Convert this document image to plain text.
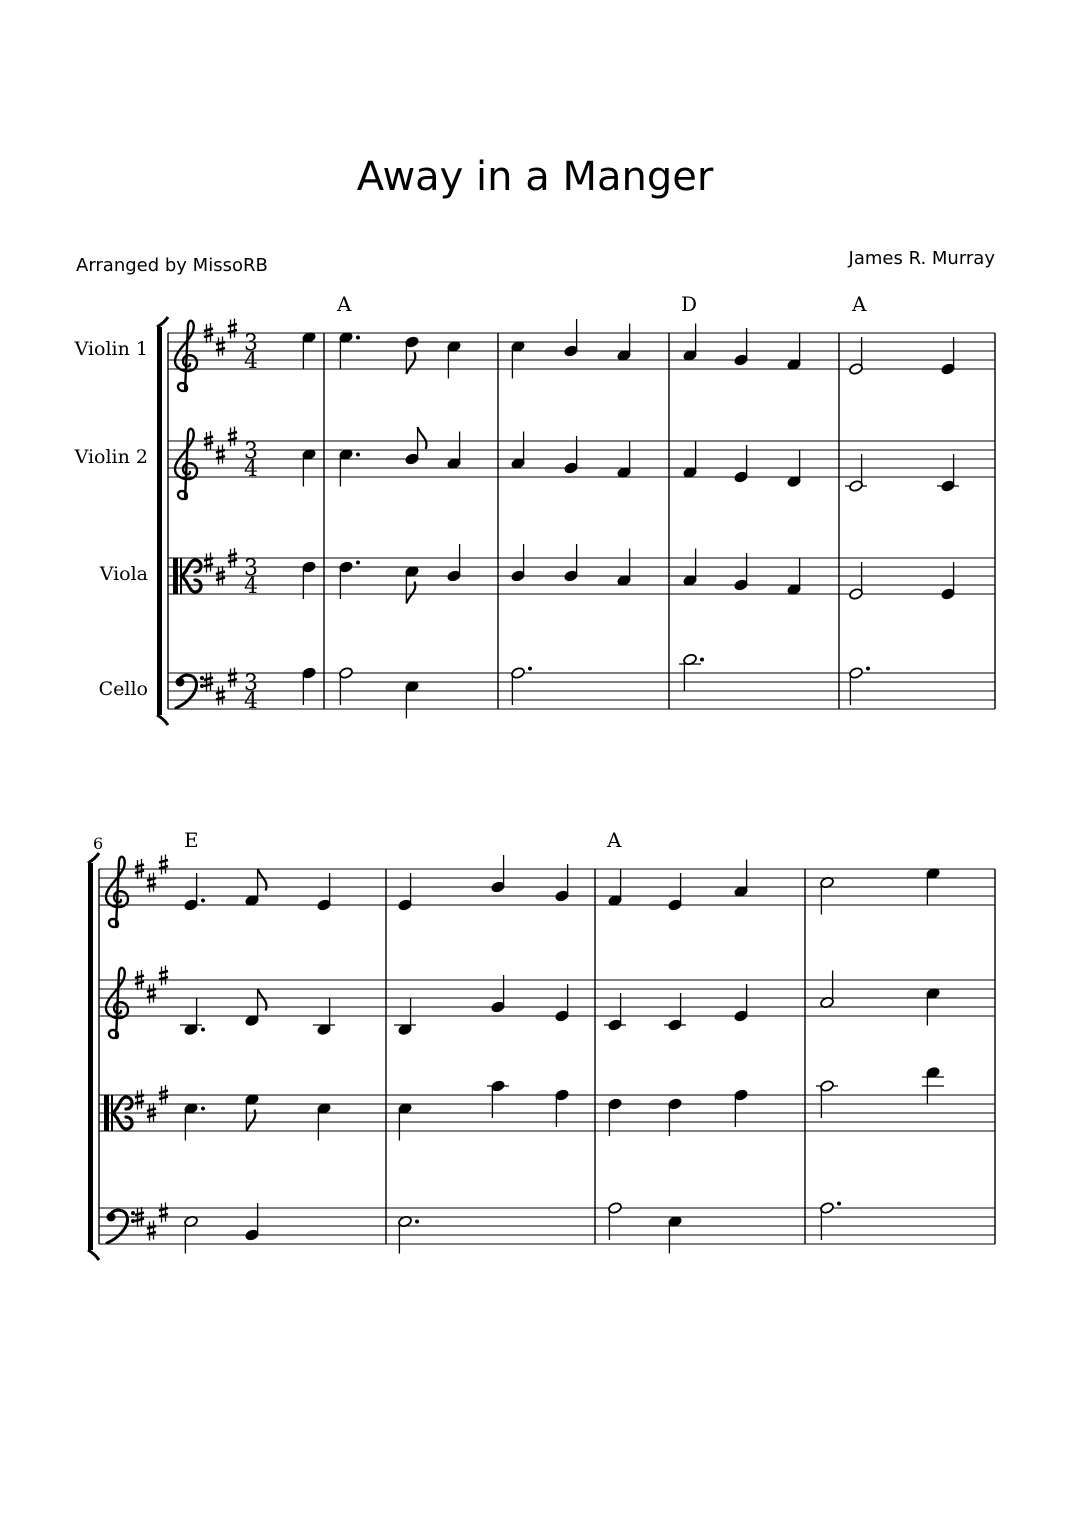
Away in a Manger
Arranged by MissoRB	James R. Murray
Violin 1	3
4
Violin 2	3
4
Viola	3
4
Cello	3
4
A	D	A
6	E	A
